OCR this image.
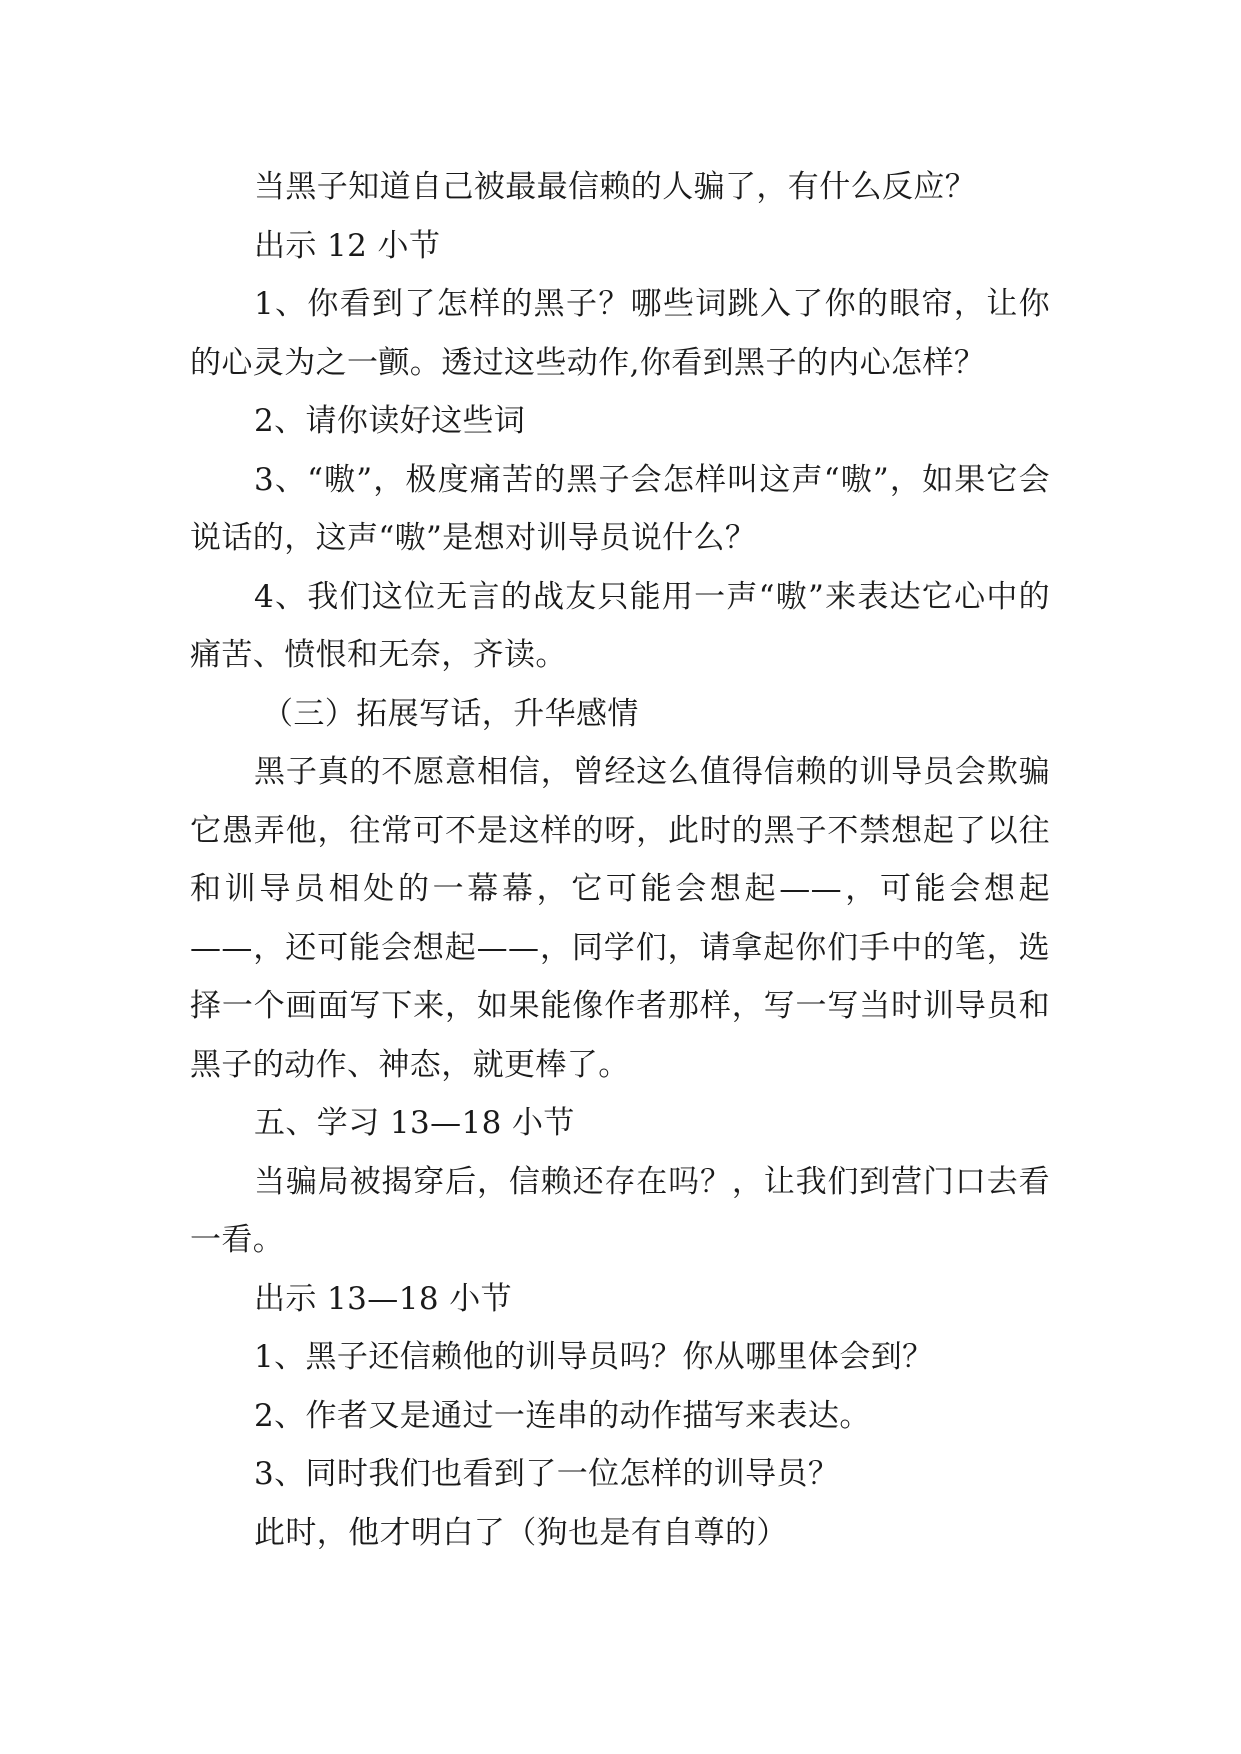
当黑子知道自己被最最信赖的人骗了，有什么反应？

出示 12 小节

1、你看到了怎样的黑子？哪些词跳入了你的眼帘，让你的心灵为之一颤。透过这些动作,你看到黑子的内心怎样？

2、请你读好这些词

3、“嗷”，极度痛苦的黑子会怎样叫这声“嗷”，如果它会说话的，这声“嗷”是想对训导员说什么？

4、我们这位无言的战友只能用一声“嗷”来表达它心中的痛苦、愤恨和无奈，齐读。

（三）拓展写话，升华感情

黑子真的不愿意相信，曾经这么值得信赖的训导员会欺骗它愚弄他，往常可不是这样的呀，此时的黑子不禁想起了以往和训导员相处的一幕幕，它可能会想起——，可能会想起——，还可能会想起——，同学们，请拿起你们手中的笔，选择一个画面写下来，如果能像作者那样，写一写当时训导员和黑子的动作、神态，就更棒了。

五、学习 13—18 小节

当骗局被揭穿后，信赖还存在吗？，让我们到营门口去看一看。

出示 13—18 小节

1、黑子还信赖他的训导员吗？你从哪里体会到？

2、作者又是通过一连串的动作描写来表达。

3、同时我们也看到了一位怎样的训导员？

此时，他才明白了（狗也是有自尊的）
